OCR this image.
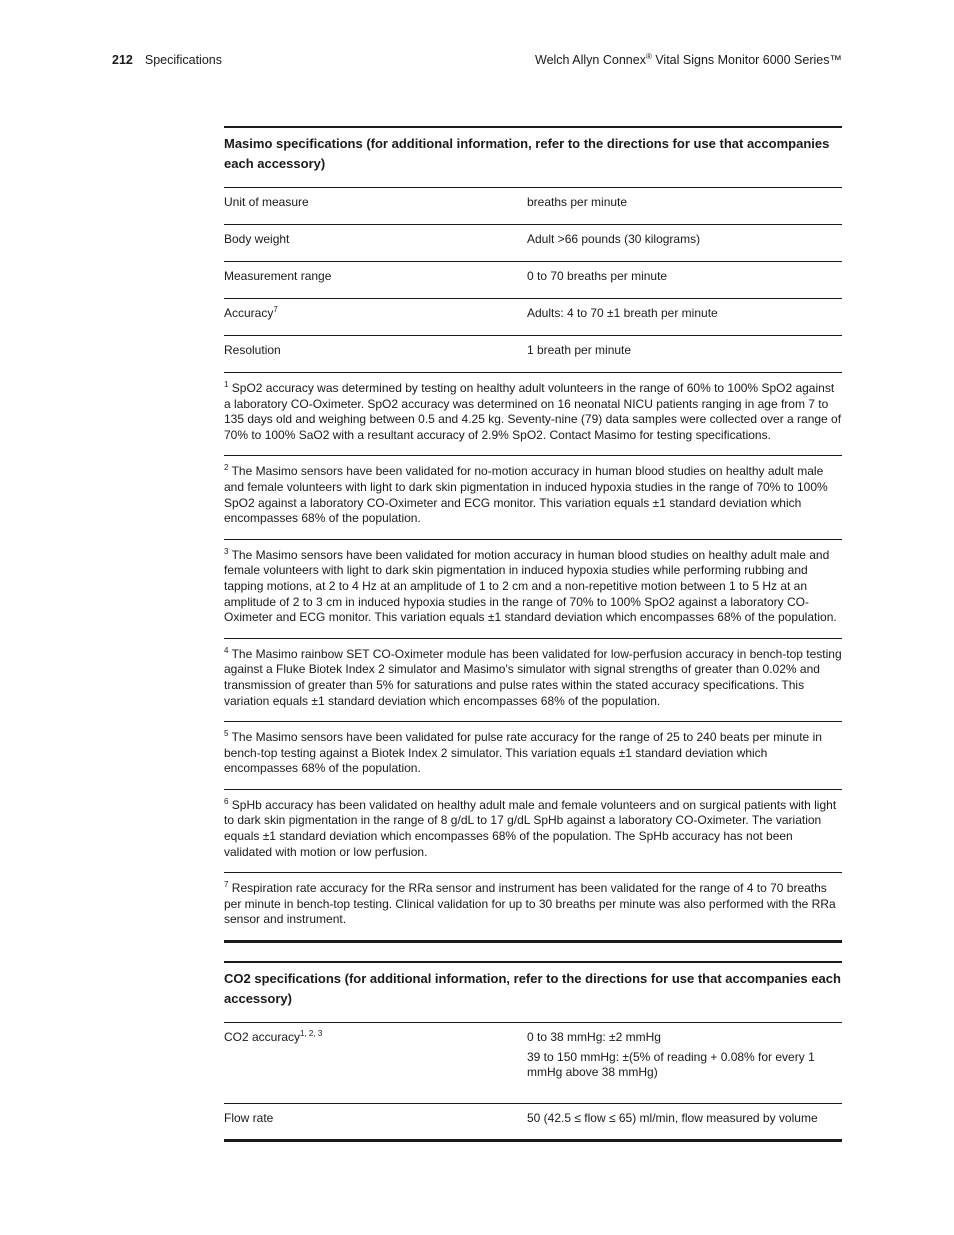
212 Specifications	Welch Allyn Connex® Vital Signs Monitor 6000 Series™
Masimo specifications (for additional information, refer to the directions for use that accompanies each accessory)
Unit of measure	breaths per minute
Body weight	Adult >66 pounds (30 kilograms)
Measurement range	0 to 70 breaths per minute
Accuracy$^7$	Adults: 4 to 70 ±1 breath per minute
Resolution	1 breath per minute
$^1$ SpO2 accuracy was determined by testing on healthy adult volunteers in the range of 60% to 100% SpO2 against a laboratory CO-Oximeter. SpO2 accuracy was determined on 16 neonatal NICU patients ranging in age from 7 to 135 days old and weighing between 0.5 and 4.25 kg. Seventy-nine (79) data samples were collected over a range of 70% to 100% SaO2 with a resultant accuracy of 2.9% SpO2. Contact Masimo for testing specifications.
$^2$ The Masimo sensors have been validated for no-motion accuracy in human blood studies on healthy adult male and female volunteers with light to dark skin pigmentation in induced hypoxia studies in the range of 70% to 100% SpO2 against a laboratory CO-Oximeter and ECG monitor. This variation equals ±1 standard deviation which encompasses 68% of the population.
$^3$ The Masimo sensors have been validated for motion accuracy in human blood studies on healthy adult male and female volunteers with light to dark skin pigmentation in induced hypoxia studies while performing rubbing and tapping motions, at 2 to 4 Hz at an amplitude of 1 to 2 cm and a non-repetitive motion between 1 to 5 Hz at an amplitude of 2 to 3 cm in induced hypoxia studies in the range of 70% to 100% SpO2 against a laboratory CO-Oximeter and ECG monitor. This variation equals ±1 standard deviation which encompasses 68% of the population.
$^4$ The Masimo rainbow SET CO-Oximeter module has been validated for low-perfusion accuracy in bench-top testing against a Fluke Biotek Index 2 simulator and Masimo's simulator with signal strengths of greater than 0.02% and transmission of greater than 5% for saturations and pulse rates within the stated accuracy specifications. This variation equals ±1 standard deviation which encompasses 68% of the population.
$^5$ The Masimo sensors have been validated for pulse rate accuracy for the range of 25 to 240 beats per minute in bench-top testing against a Biotek Index 2 simulator. This variation equals ±1 standard deviation which encompasses 68% of the population.
$^6$ SpHb accuracy has been validated on healthy adult male and female volunteers and on surgical patients with light to dark skin pigmentation in the range of 8 g/dL to 17 g/dL SpHb against a laboratory CO-Oximeter. The variation equals ±1 standard deviation which encompasses 68% of the population. The SpHb accuracy has not been validated with motion or low perfusion.
$^7$ Respiration rate accuracy for the RRa sensor and instrument has been validated for the range of 4 to 70 breaths per minute in bench-top testing. Clinical validation for up to 30 breaths per minute was also performed with the RRa sensor and instrument.
CO2 specifications (for additional information, refer to the directions for use that accompanies each accessory)
CO2 accuracy$^{1, 2, 3}$	0 to 38 mmHg: ±2 mmHg

39 to 150 mmHg: ±(5% of reading + 0.08% for every 1 mmHg above 38 mmHg)

Flow rate	50 (42.5 ≤ flow ≤ 65) ml/min, flow measured by volume
